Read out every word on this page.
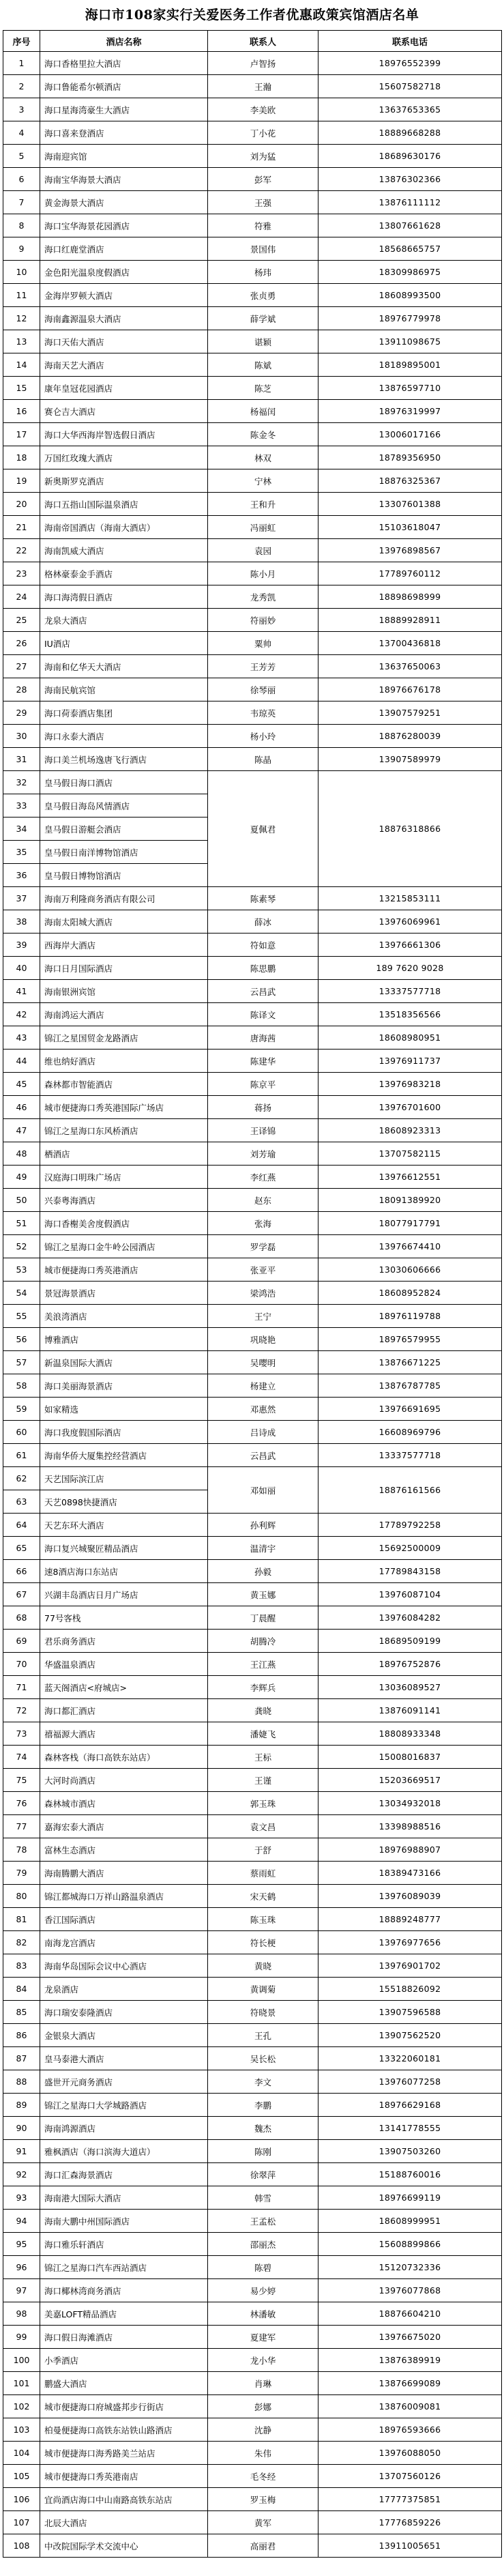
海口市108家实行关爱医务工作者优惠政策宾馆酒店名单
序号	酒店名称	联系人	联系电话
1	海口香格里拉大酒店	卢智扬	18976552399
2	海口鲁能希尔顿酒店	王瀚	15607582718
3	海口星海湾豪生大酒店	李美欧	13637653365
4	海口喜来登酒店	丁小花	18889668288
5	海南迎宾馆	刘为猛	18689630176
6	海南宝华海景大酒店	彭军	13876302366
7	黄金海景大酒店	王强	13876111112
8	海口宝华海景花园酒店	符雅	13807661628
9	海口红鹿堂酒店	景国伟	18568665757
10	金色阳光温泉度假酒店	杨玮	18309986975
11	金海岸罗顿大酒店	张贞勇	18608993500
12	海南鑫源温泉大酒店	薛学斌	18976779978
13	海口天佑大酒店	谌颖	13911098675
14	海南天艺大酒店	陈斌	18189895001
15	康年皇冠花园酒店	陈芝	13876597710
16	赛仑吉大酒店	杨福闰	18976319997
17	海口大华西海岸智选假日酒店	陈金冬	13006017166
18	万国红玫瑰大酒店	林双	18789356950
19	新奥斯罗克酒店	宁林	18876325367
20	海口五指山国际温泉酒店	王和升	13307601388
21	海南帝国酒店（海南大酒店）	冯丽虹	15103618047
22	海南凯威大酒店	袁园	13976898567
23	格林豪泰金手酒店	陈小月	17789760112
24	海口海湾假日酒店	龙秀凯	18898698999
25	龙泉大酒店	符丽妙	18889928911
26	IU酒店	粟帅	13700436818
27	海南和亿华天大酒店	王芳芳	13637650063
28	海南民航宾馆	徐琴丽	18976676178
29	海口荷泰酒店集团	韦琼英	13907579251
30	海口永泰大酒店	杨小玲	18876280039
31	海口美兰机场逸唐飞行酒店	陈晶	13907589979
32	皇马假日海口酒店	夏佩君	18876318866
33	皇马假日海岛风情酒店		
34	皇马假日游艇会酒店		
35	皇马假日南洋博物馆酒店		
36	皇马假日博物馆酒店		
37	海南万利隆商务酒店有限公司	陈素琴	13215853111
38	海南太阳城大酒店	薛冰	13976069961
39	西海岸大酒店	符如意	13976661306
40	海口日月国际酒店	陈思鹏	189 7620 9028
41	海南银洲宾馆	云昌武	13337577718
42	海南鸿运大酒店	陈译文	13518356566
43	锦江之星国贸金龙路酒店	唐海茜	18608980951
44	维也纳好酒店	陈建华	13976911737
45	森林都市智能酒店	陈京平	13976983218
46	城市便捷海口秀英港国际广场店	蒋扬	13976701600
47	锦江之星海口东风桥酒店	王译锦	18608923313
48	栖酒店	刘芳瑜	13707582115
49	汉庭海口明珠广场店	李红燕	13976612551
50	兴泰粤海酒店	赵东	18091389920
51	海口香榭美舍度假酒店	张海	18077917791
52	锦江之星海口金牛岭公园酒店	罗学磊	13976674410
53	城市便捷海口秀英港酒店	张亚平	13030606666
54	景冠海景酒店	梁鸿浩	18608952824
55	美浪湾酒店	王宁	18976119788
56	博雅酒店	巩晓艳	18976579955
57	新温泉国际大酒店	吴嘤明	13876671225
58	海口美丽海景酒店	杨建立	13876787785
59	如家精选	邓惠然	13976691695
60	海口我度假国际酒店	吕诗成	16608969796
61	海南华侨大厦集控经营酒店	云昌武	13337577718
62	天艺国际滨江店	邓如丽	18876161566
63	天艺0898快捷酒店		
64	天艺东环大酒店	孙利辉	17789792258
65	海口复兴城聚匠精品酒店	温清宇	15692500009
66	速8酒店海口东站店	孙毅	17789843158
67	兴湖丰岛酒店日月广场店	黄玉娜	13976087104
68	77号客栈	丁晨醒	13976084282
69	君乐商务酒店	胡腾冷	18689509199
70	华盛温泉酒店	王江燕	18976752876
71	蓝天阁酒店<府城店>	李辉兵	13036089527
72	海口都汇酒店	龚晓	13876091141
73	禧福源大酒店	潘婕飞	18808933348
74	森林客栈（海口高铁东站店）	王标	15008016837
75	大河时尚酒店	王谨	15203669517
76	森林城市酒店	郭玉珠	13034932018
77	嘉海宏泰大酒店	袁文昌	13398988516
78	富林生态酒店	于舒	18976988907
79	海南腾鹏大酒店	蔡雨虹	18389473166
80	锦江都城海口万祥山路温泉酒店	宋天鹤	13976089039
81	香江国际酒店	陈玉珠	18889248777
82	南海龙宫酒店	符长梗	13976977656
83	海南华岛国际会议中心酒店	黄晓	13976901702
84	龙泉酒店	黄调菊	15518826092
85	海口瑞安泰隆酒店	符晓景	13907596588
86	金银泉大酒店	王孔	13907562520
87	皇马泰港大酒店	吴长松	13322060181
88	盛世开元商务酒店	李文	13976077258
89	锦江之星海口大学城路酒店	李鹏	18976629168
90	海南鸿源酒店	魏杰	13141778555
91	雅枫酒店（海口滨海大道店）	陈刚	13907503260
92	海口汇森海景酒店	徐翠萍	15188760016
93	海南港大国际大酒店	韩雪	18976699119
94	海南大鹏中州国际酒店	王孟松	18608999951
95	海口雅乐轩酒店	邵丽杰	15608899866
96	锦江之星海口汽车西站酒店	陈碧	15120732336
97	海口椰林湾商务酒店	易少婷	13976077868
98	美嘉LOFT精品酒店	林潘敏	18876604210
99	海口假日海滩酒店	夏建军	13976675020
100	小季酒店	龙小华	13876389919
101	鹏盛大酒店	肖琳	13876699089
102	城市便捷海口府城盛邦步行街店	彭娜	13876009081
103	柏曼便捷海口高铁东站铁山路酒店	沈静	18976593666
104	城市便捷海口海秀路美兰站店	朱伟	13976088050
105	城市便捷海口秀英港南店	毛冬经	13707560126
106	宜尚酒店海口中山南路高铁东站店	罗玉梅	17777375851
107	北辰大酒店	黄军	17776859226
108	中改院国际学术交流中心	高丽君	13911005651
